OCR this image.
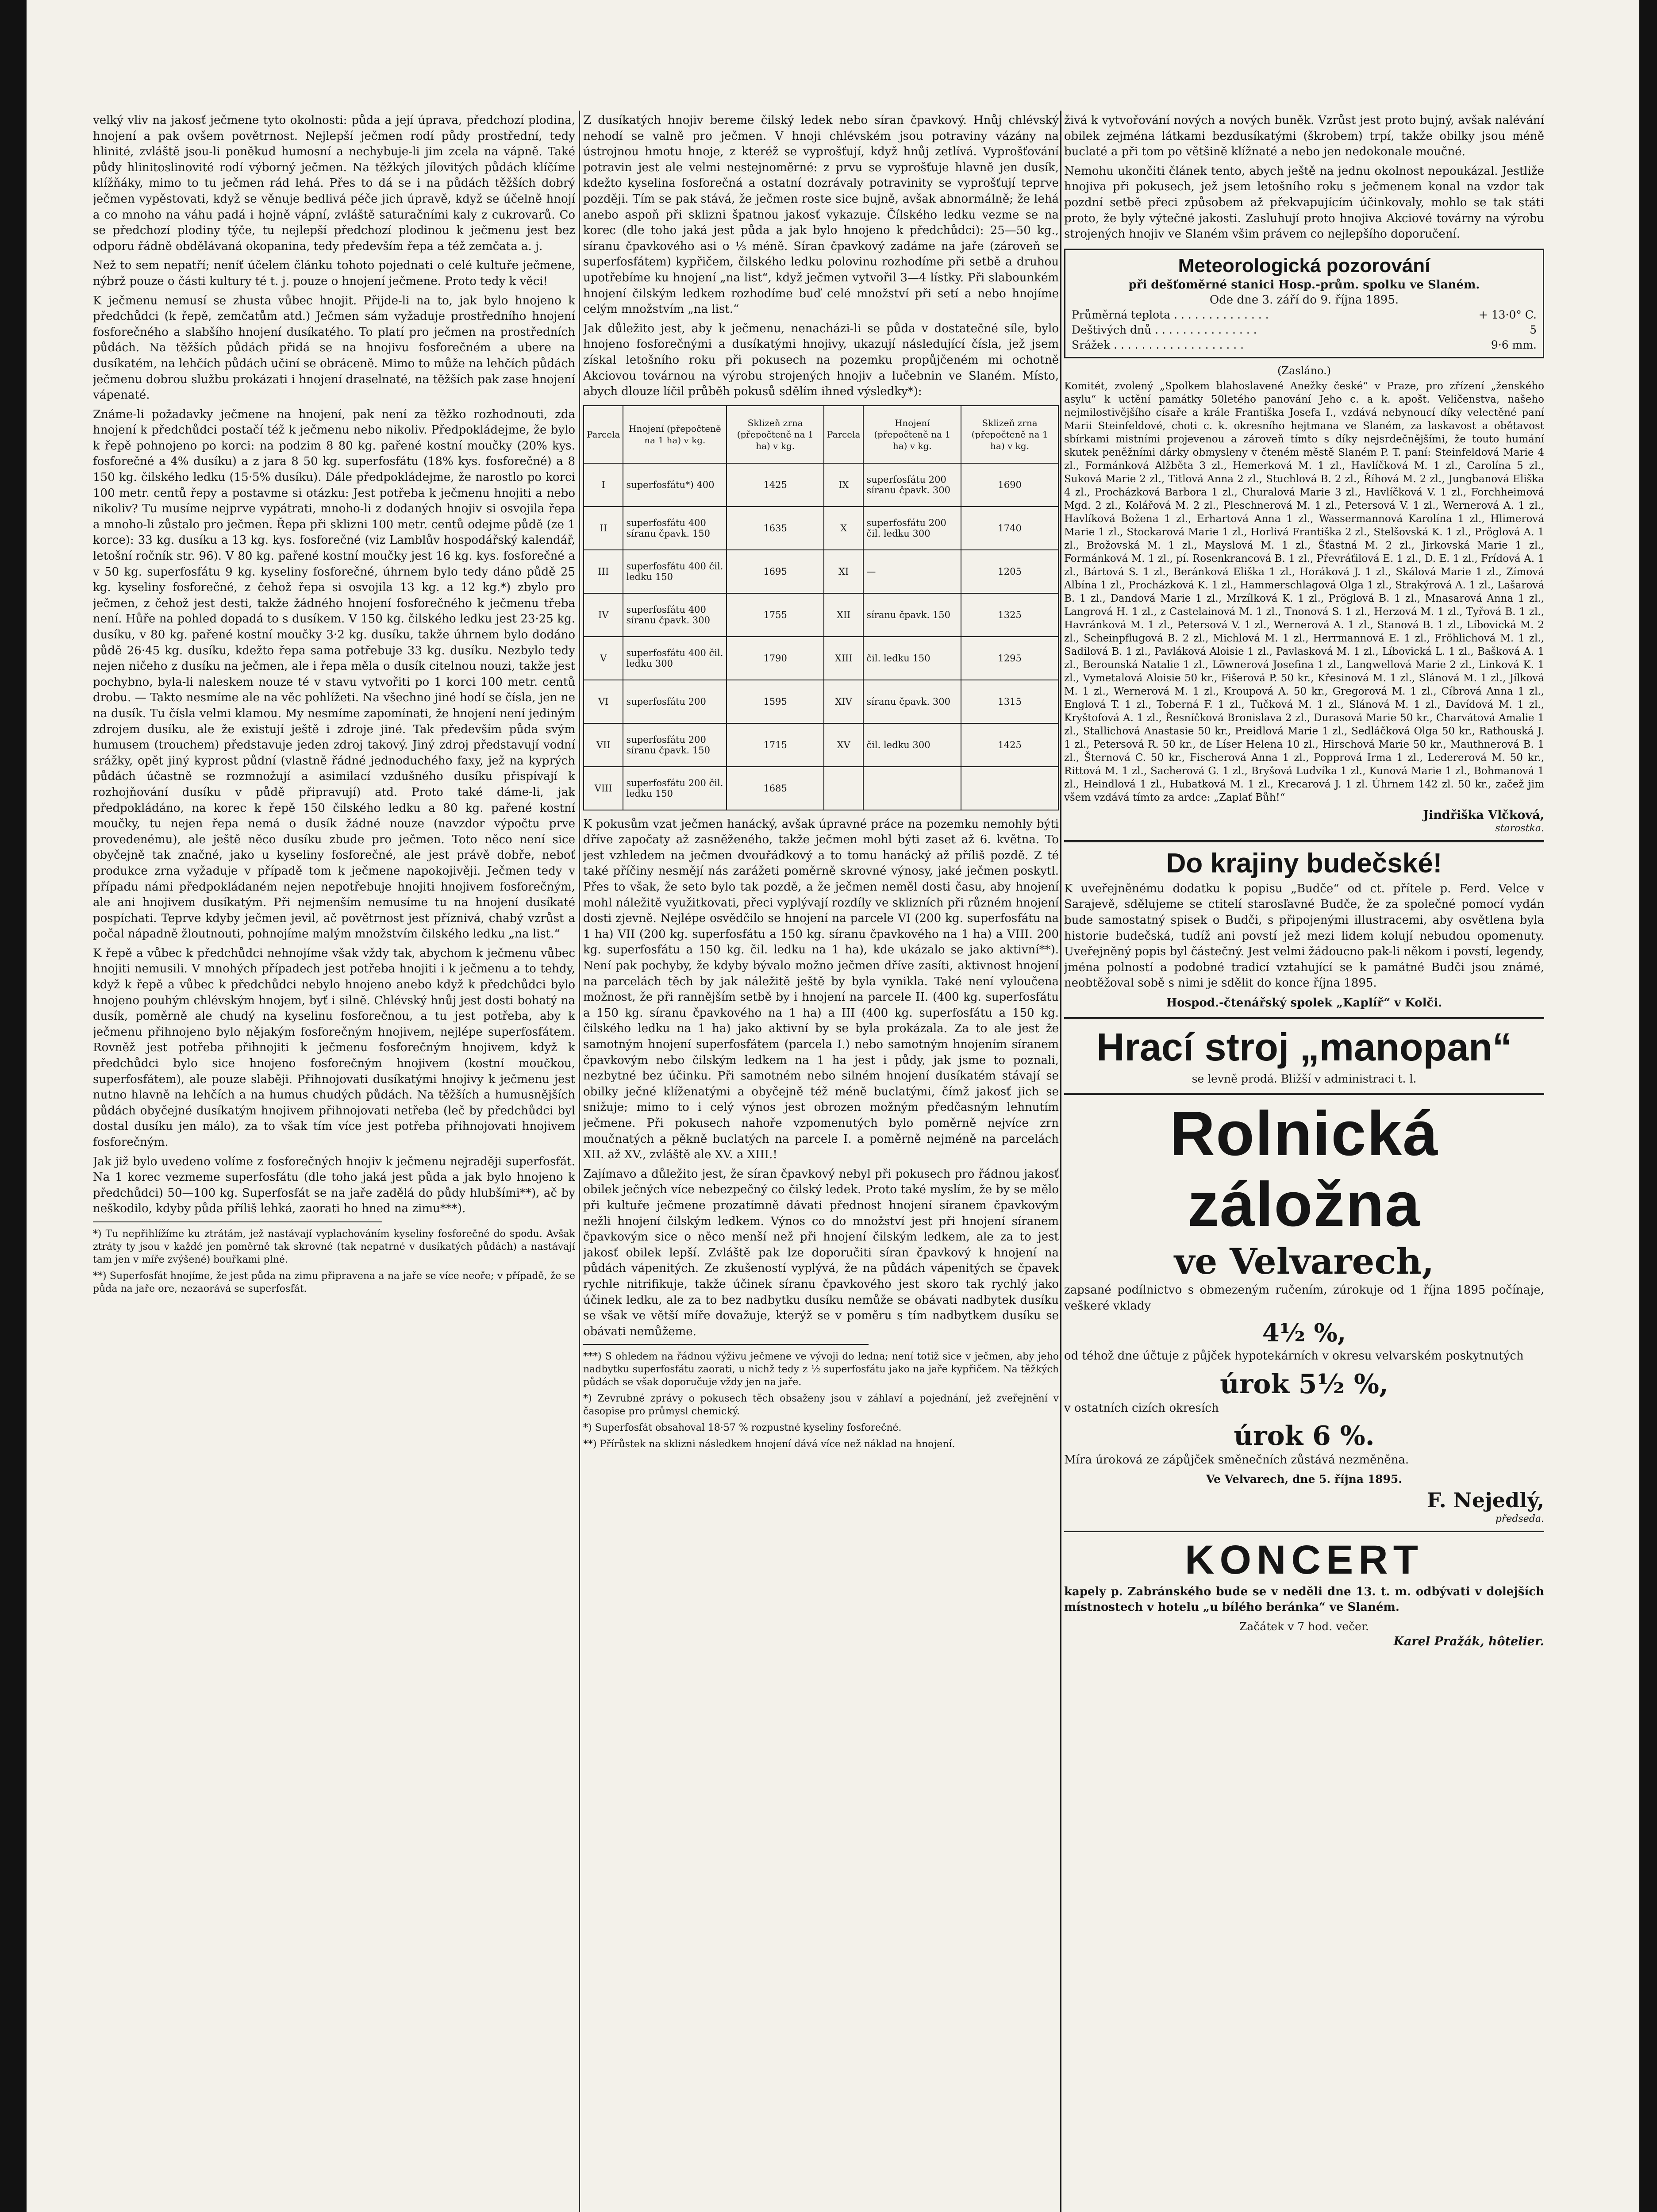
velký vliv na jakosť ječmene tyto okolnosti: půda a její úprava, předchozí plodina, hnojení a pak ovšem povětrnost. Nejlepší ječmen rodí půdy prostřední, tedy hlinité, zvláště jsou-li poněkud humosní a nechybuje-li jim zcela na vápně. Také půdy hlinitoslinovité rodí výborný ječmen. Na těžkých jílovitých půdách klíčíme klížňáky, mimo to tu ječmen rád lehá. Přes to dá se i na půdách těžších dobrý ječmen vypěstovati, když se věnuje bedlivá péče jich úpravě, když se účelně hnojí a co mnoho na váhu padá i hojně vápní, zvláště saturačními kaly z cukrovarů. Co se předchozí plodiny týče, tu nejlepší předchozí plodinou k ječmenu jest bez odporu řádně obdělávaná okopanina, tedy především řepa a též zemčata a. j.

Než to sem nepatří; neníť účelem článku tohoto pojednati o celé kultuře ječmene, nýbrž pouze o části kultury té t. j. pouze o hnojení ječmene. Proto tedy k věci!

K ječmenu nemusí se zhusta vůbec hnojit. Přijde-li na to, jak bylo hnojeno k předchůdci (k řepě, zemčatům atd.) Ječmen sám vyžaduje prostředního hnojení fosforečného a slabšího hnojení dusíkatého. To platí pro ječmen na prostředních půdách. Na těžších půdách přidá se na hnojivu fosforečném a ubere na dusíkatém, na lehčích půdách učiní se obráceně. Mimo to může na lehčích půdách ječmenu dobrou službu prokázati i hnojení draselnaté, na těžších pak zase hnojení vápenaté.

Známe-li požadavky ječmene na hnojení, pak není za těžko rozhodnouti, zda hnojení k předchůdci postačí též k ječmenu nebo nikoliv. Předpokládejme, že bylo k řepě pohnojeno po korci: na podzim 8 80 kg. pařené kostní moučky (20% kys. fosforečné a 4% dusíku) a z jara 8 50 kg. superfosfátu (18% kys. fosforečné) a 8 150 kg. čilského ledku (15·5% dusíku). Dále předpokládejme, že narostlo po korci 100 metr. centů řepy a postavme si otázku: Jest potřeba k ječmenu hnojiti a nebo nikoliv? Tu musíme nejprve vypátrati, mnoho-li z dodaných hnojiv si osvojila řepa a mnoho-li zůstalo pro ječmen. Řepa při sklizni 100 metr. centů odejme půdě (ze 1 korce): 33 kg. dusíku a 13 kg. kys. fosforečné (viz Lamblův hospodářský kalendář, letošní ročník str. 96). V 80 kg. pařené kostní moučky jest 16 kg. kys. fosforečné a v 50 kg. superfosfátu 9 kg. kyseliny fosforečné, úhrnem bylo tedy dáno půdě 25 kg. kyseliny fosforečné, z čehož řepa si osvojila 13 kg. a 12 kg.*) zbylo pro ječmen, z čehož jest desti, takže žádného hnojení fosforečného k ječmenu třeba není. Hůře na pohled dopadá to s dusíkem. V 150 kg. čilského ledku jest 23·25 kg. dusíku, v 80 kg. pařené kostní moučky 3·2 kg. dusíku, takže úhrnem bylo dodáno půdě 26·45 kg. dusíku, kdežto řepa sama potřebuje 33 kg. dusíku. Nezbylo tedy nejen ničeho z dusíku na ječmen, ale i řepa měla o dusík citelnou nouzi, takže jest pochybno, byla-li naleskem nouze té v stavu vytvořiti po 1 korci 100 metr. centů drobu. — Takto nesmíme ale na věc pohlížeti. Na všechno jiné hodí se čísla, jen ne na dusík. Tu čísla velmi klamou. My nesmíme zapomínati, že hnojení není jediným zdrojem dusíku, ale že existují ještě i zdroje jiné. Tak především půda svým humusem (trouchem) představuje jeden zdroj takový. Jiný zdroj představují vodní srážky, opět jiný kyprost půdní (vlastně řádné jednoduchého faxy, jež na kyprých půdách účastně se rozmnožují a asimilací vzdušného dusíku přispívají k rozhojňování dusíku v půdě připravují) atd. Proto také dáme-li, jak předpokládáno, na korec k řepě 150 čilského ledku a 80 kg. pařené kostní moučky, tu nejen řepa nemá o dusík žádné nouze (navzdor výpočtu prve provedenému), ale ještě něco dusíku zbude pro ječmen. Toto něco není sice obyčejně tak značné, jako u kyseliny fosforečné, ale jest právě dobře, neboť produkce zrna vyžaduje v případě tom k ječmene napokojivěji. Ječmen tedy v případu námi předpokládaném nejen nepotřebuje hnojiti hnojivem fosforečným, ale ani hnojivem dusíkatým. Při nejmenším nemusíme tu na hnojení dusíkaté pospíchati. Teprve kdyby ječmen jevil, ač povětrnost jest příznivá, chabý vzrůst a počal nápadně žloutnouti, pohnojíme malým množstvím čilského ledku „na list.“

K řepě a vůbec k předchůdci nehnojíme však vždy tak, abychom k ječmenu vůbec hnojiti nemusili. V mnohých případech jest potřeba hnojiti i k ječmenu a to tehdy, když k řepě a vůbec k předchůdci nebylo hnojeno anebo když k předchůdci bylo hnojeno pouhým chlévským hnojem, byť i silně. Chlévský hnůj jest dosti bohatý na dusík, poměrně ale chudý na kyselinu fosforečnou, a tu jest potřeba, aby k ječmenu přihnojeno bylo nějakým fosforečným hnojivem, nejlépe superfosfátem. Rovněž jest potřeba přihnojiti k ječmenu fosforečným hnojivem, když k předchůdci bylo sice hnojeno fosforečným hnojivem (kostní moučkou, superfosfátem), ale pouze slaběji. Přihnojovati dusíkatými hnojivy k ječmenu jest nutno hlavně na lehčích a na humus chudých půdách. Na těžších a humusnějších půdách obyčejné dusíkatým hnojivem přihnojovati netřeba (leč by předchůdci byl dostal dusíku jen málo), za to však tím více jest potřeba přihnojovati hnojivem fosforečným.

Jak již bylo uvedeno volíme z fosforečných hnojiv k ječmenu nejraději superfosfát. Na 1 korec vezmeme superfosfátu (dle toho jaká jest půda a jak bylo hnojeno k předchůdci) 50—100 kg. Superfosfát se na jaře zadělá do půdy hlubšími**), ač by neškodilo, kdyby půda příliš lehká, zaorati ho hned na zimu***).

*) Tu nepřihlížíme ku ztrátám, jež nastávají vyplachováním kyseliny fosforečné do spodu. Avšak ztráty ty jsou v každé jen poměrně tak skrovné (tak nepatrné v dusíkatých půdách) a nastávají tam jen v míře zvýšené) bouřkami plné.

**) Superfosfát hnojíme, že jest půda na zimu připravena a na jaře se více neoře; v případě, že se půda na jaře ore, nezaorává se superfosfát.

Z dusíkatých hnojiv bereme čilský ledek nebo síran čpavkový. Hnůj chlévský nehodí se valně pro ječmen. V hnoji chlévském jsou potraviny vázány na ústrojnou hmotu hnoje, z kteréž se vyprošťují, když hnůj zetlívá. Vyprošťování potravin jest ale velmi nestejnoměrné: z prvu se vyprošťuje hlavně jen dusík, kdežto kyselina fosforečná a ostatní dozrávaly potravinity se vyprošťují teprve později. Tím se pak stává, že ječmen roste sice bujně, avšak abnormálně; že lehá anebo aspoň při sklizni špatnou jakosť vykazuje. Čílského ledku vezme se na korec (dle toho jaká jest půda a jak bylo hnojeno k předchůdci): 25—50 kg., síranu čpavkového asi o ⅓ méně. Síran čpavkový zadáme na jaře (zároveň se superfosfátem) kypřičem, čilského ledku polovinu rozhodíme při setbě a druhou upotřebíme ku hnojení „na list“, když ječmen vytvořil 3—4 lístky. Při slabounkém hnojení čilským ledkem rozhodíme buď celé množství při setí a nebo hnojíme celým množstvím „na list.“

Jak důležito jest, aby k ječmenu, nenacházi-li se půda v dostatečné síle, bylo hnojeno fosforečnými a dusíkatými hnojivy, ukazují následující čísla, jež jsem získal letošního roku při pokusech na pozemku propůjčeném mi ochotně Akciovou továrnou na výrobu strojených hnojiv a lučebnin ve Slaném. Místo, abych dlouze líčil průběh pokusů sdělím ihned výsledky*):

Parcela	Hnojení (přepočteně na 1 ha) v kg.	Sklizeň zrna (přepočteně na 1 ha) v kg.	Parcela	Hnojení (přepočteně na 1 ha) v kg.	Sklizeň zrna (přepočteně na 1 ha) v kg.
I	superfosfátu*) 400	1425	IX	superfosfátu 200 síranu čpavk. 300	1690
II	superfosfátu 400 síranu čpavk. 150	1635	X	superfosfátu 200 čil. ledku 300	1740
III	superfosfátu 400 čil. ledku 150	1695	XI	—	1205
IV	superfosfátu 400 síranu čpavk. 300	1755	XII	síranu čpavk. 150	1325
V	superfosfátu 400 čil. ledku 300	1790	XIII	čil. ledku 150	1295
VI	superfosfátu 200	1595	XIV	síranu čpavk. 300	1315
VII	superfosfátu 200 síranu čpavk. 150	1715	XV	čil. ledku 300	1425
VIII	superfosfátu 200 čil. ledku 150	1685			

K pokusům vzat ječmen hanácký, avšak úpravné práce na pozemku nemohly býti dříve započaty až zasněženého, takže ječmen mohl býti zaset až 6. května. To jest vzhledem na ječmen dvouřádkový a to tomu hanácký až příliš pozdě. Z té také příčiny nesmějí nás zarážeti poměrně skrovné výnosy, jaké ječmen poskytl. Přes to však, že seto bylo tak pozdě, a že ječmen neměl dosti času, aby hnojení mohl náležitě využitkovati, přeci vyplývají rozdíly ve sklizních při různém hnojení dosti zjevně. Nejlépe osvědčilo se hnojení na parcele VI (200 kg. superfosfátu na 1 ha) VII (200 kg. superfosfátu a 150 kg. síranu čpavkového na 1 ha) a VIII. 200 kg. superfosfátu a 150 kg. čil. ledku na 1 ha), kde ukázalo se jako aktivní**). Není pak pochyby, že kdyby bývalo možno ječmen dříve zasíti, aktivnost hnojení na parcelách těch by jak náležitě ještě by byla vynikla. Také není vyloučena možnost, že při rannějším setbě by i hnojení na parcele II. (400 kg. superfosfátu a 150 kg. síranu čpavkového na 1 ha) a III (400 kg. superfosfátu a 150 kg. čilského ledku na 1 ha) jako aktivní by se byla prokázala. Za to ale jest že samotným hnojení superfosfátem (parcela I.) nebo samotným hnojením síranem čpavkovým nebo čilským ledkem na 1 ha jest i půdy, jak jsme to poznali, nezbytné bez účinku. Při samotném nebo silném hnojení dusíkatém stávají se obilky ječné klíženatými a obyčejně též méně buclatými, čímž jakosť jich se snižuje; mimo to i celý výnos jest obrozen možným předčasným lehnutím ječmene. Při pokusech nahoře vzpomenutých bylo poměrně nejvíce zrn moučnatých a pěkně buclatých na parcele I. a poměrně nejméně na parcelách XII. až XV., zvláště ale XV. a XIII.!

Zajímavo a důležito jest, že síran čpavkový nebyl při pokusech pro řádnou jakosť obilek ječných více nebezpečný co čilský ledek. Proto také myslím, že by se mělo při kultuře ječmene prozatímně dávati přednost hnojení síranem čpavkovým nežli hnojení čilským ledkem. Výnos co do množství jest při hnojení síranem čpavkovým sice o něco menší než při hnojení čilským ledkem, ale za to jest jakosť obilek lepší. Zvláště pak lze doporučiti síran čpavkový k hnojení na půdách vápenitých. Ze zkušeností vyplývá, že na půdách vápenitých se čpavek rychle nitrifikuje, takže účinek síranu čpavkového jest skoro tak rychlý jako účinek ledku, ale za to bez nadbytku dusíku nemůže se obávati nadbytek dusíku se však ve větší míře dovažuje, kterýž se v poměru s tím nadbytkem dusíku se obávati nemůžeme.

***) S ohledem na řádnou výživu ječmene ve vývoji do ledna; není totiž sice v ječmen, aby jeho nadbytku superfosfátu zaorati, u nichž tedy z ½ superfosfátu jako na jaře kypřičem. Na těžkých půdách se však doporučuje vždy jen na jaře.

*) Zevrubné zprávy o pokusech těch obsaženy jsou v záhlaví a pojednání, jež zveřejnění v časopise pro průmysl chemický.

*) Superfosfát obsahoval 18·57 % rozpustné kyseliny fosforečné.

**) Přírůstek na sklizni následkem hnojení dává více než náklad na hnojení.

živá k vytvořování nových a nových buněk. Vzrůst jest proto bujný, avšak nalévání obilek zejména látkami bezdusíkatými (škrobem) trpí, takže obilky jsou méně buclaté a při tom po většině klížnaté a nebo jen nedokonale moučné.

Nemohu ukončiti článek tento, abych ještě na jednu okolnost nepoukázal. Jestliže hnojiva při pokusech, jež jsem letošního roku s ječmenem konal na vzdor tak pozdní setbě přeci způsobem až překvapujícím účinkovaly, mohlo se tak státi proto, že byly výtečné jakosti. Zasluhují proto hnojiva Akciové továrny na výrobu strojených hnojiv ve Slaném všim právem co nejlepšího doporučení.

Meteorologická pozorování
při dešťoměrné stanici Hosp.-prům. spolku ve Slaném.
Ode dne 3. září do 9. října 1895.
Průměrná teplota . . . . . . . . . . . . . .	+ 13·0° C.
Deštivých dnů . . . . . . . . . . . . . . .	5
Srážek . . . . . . . . . . . . . . . . . . .	9·6 mm.
(Zasláno.)

Komitét, zvolený „Spolkem blahoslavené Anežky české“ v Praze, pro zřízení „ženského asylu“ k uctění památky 50letého panování Jeho c. a k. apošt. Veličenstva, našeho nejmilostivějšího císaře a krále Františka Josefa I., vzdává nebynoucí díky velectěné paní Marii Steinfeldové, choti c. k. okresního hejtmana ve Slaném, za laskavost a obětavost sbírkami mistními projevenou a zároveň tímto s díky nejsrdečnějšími, že touto humání skutek peněžními dárky obmysleny v čteném městě Slaném P. T. paní: Steinfeldová Marie 4 zl., Formánková Alžběta 3 zl., Hemerková M. 1 zl., Havlíčková M. 1 zl., Carolína 5 zl., Suková Marie 2 zl., Titlová Anna 2 zl., Stuchlová B. 2 zl., Říhová M. 2 zl., Jungbanová Eliška 4 zl., Procházková Barbora 1 zl., Churalová Marie 3 zl., Havlíčková V. 1 zl., Forchheimová Mgd. 2 zl., Kolářová M. 2 zl., Pleschnerová M. 1 zl., Petersová V. 1 zl., Wernerová A. 1 zl., Havlíková Božena 1 zl., Erhartová Anna 1 zl., Wassermannová Karolína 1 zl., Hlimerová Marie 1 zl., Stockarová Marie 1 zl., Horlivá Františka 2 zl., Stelšovská K. 1 zl., Pröglová A. 1 zl., Brožovská M. 1 zl., Mayslová M. 1 zl., Šťastná M. 2 zl., Jirkovská Marie 1 zl., Formánková M. 1 zl., pí. Rosenkrancová B. 1 zl., Převráťilová E. 1 zl., D. E. 1 zl., Frídová A. 1 zl., Bártová S. 1 zl., Beránková Eliška 1 zl., Horáková J. 1 zl., Skálová Marie 1 zl., Zímová Albína 1 zl., Procházková K. 1 zl., Hammerschlagová Olga 1 zl., Strakýrová A. 1 zl., Lašarová B. 1 zl., Dandová Marie 1 zl., Mrzílková K. 1 zl., Pröglová B. 1 zl., Mnasarová Anna 1 zl., Langrová H. 1 zl., z Castelainová M. 1 zl., Tnonová S. 1 zl., Herzová M. 1 zl., Tyřová B. 1 zl., Havránková M. 1 zl., Petersová V. 1 zl., Wernerová A. 1 zl., Stanová B. 1 zl., Líbovická M. 2 zl., Scheinpflugová B. 2 zl., Michlová M. 1 zl., Herrmannová E. 1 zl., Fröhlichová M. 1 zl., Sadilová B. 1 zl., Pavláková Aloisie 1 zl., Pavlasková M. 1 zl., Líbovická L. 1 zl., Bašková A. 1 zl., Berounská Natalie 1 zl., Löwnerová Josefina 1 zl., Langwellová Marie 2 zl., Linková K. 1 zl., Vymetalová Aloisie 50 kr., Fišerová P. 50 kr., Křesinová M. 1 zl., Slánová M. 1 zl., Jílková M. 1 zl., Wernerová M. 1 zl., Kroupová A. 50 kr., Gregorová M. 1 zl., Cíbrová Anna 1 zl., Englová T. 1 zl., Toberná F. 1 zl., Tučková M. 1 zl., Slánová M. 1 zl., Davídová M. 1 zl., Kryštofová A. 1 zl., Řesníčková Bronislava 2 zl., Durasová Marie 50 kr., Charvátová Amalie 1 zl., Stallichová Anastasie 50 kr., Preidlová Marie 1 zl., Sedláčková Olga 50 kr., Rathouská J. 1 zl., Petersová R. 50 kr., de Líser Helena 10 zl., Hirschová Marie 50 kr., Mauthnerová B. 1 zl., Šternová C. 50 kr., Fischerová Anna 1 zl., Popprová Irma 1 zl., Ledererová M. 50 kr., Rittová M. 1 zl., Sacherová G. 1 zl., Bryšová Ludvíka 1 zl., Kunová Marie 1 zl., Bohmanová 1 zl., Heindlová 1 zl., Hubatková M. 1 zl., Krecarová J. 1 zl. Úhrnem 142 zl. 50 kr., začež jim všem vzdává tímto za ardce: „Zaplať Bůh!“

Jindřiška Vlčková,
starostka.
Do krajiny budečské!

K uveřejněnému dodatku k popisu „Budče“ od ct. přítele p. Ferd. Velce v Sarajevě, sdělujeme se ctitelí starosľavné Budče, že za společné pomocí vydán bude samostatný spisek o Budči, s připojenými illustracemi, aby osvětlena byla historie budečská, tudíž ani povstí jež mezi lidem kolují nebudou opomenuty. Uveřejněný popis byl částečný. Jest velmi žádoucno pak-li někom i povstí, legendy, jména polností a podobné tradicí vztahující se k památné Budči jsou známé, neobtěžoval sobě s nimi je sdělit do konce října 1895.

Hospod.-čtenářský spolek „Kaplíř“ v Kolči.
Hrací stroj „manopan“
se levně prodá. Bližší v administraci t. l.
Rolnická záložna
ve Velvarech,

zapsané podílnictvo s obmezeným ručením, zúrokuje od 1 října 1895 počínaje, veškeré vklady

4½ %,

od téhož dne účtuje z půjček hypotekárních v okresu velvarském poskytnutých

úrok 5½ %,

v ostatních cizích okresích

úrok 6 %.

Míra úroková ze zápůjček směnečních zůstává nezměněna.

Ve Velvarech, dne 5. října 1895.
F. Nejedlý,
předseda.
KONCERT

kapely p. Zabránského bude se v neděli dne 13. t. m. odbývati v dolejších místnostech v hotelu „u bílého beránka“ ve Slaném.

Začátek v 7 hod. večer.
Karel Pražák, hôtelier.
